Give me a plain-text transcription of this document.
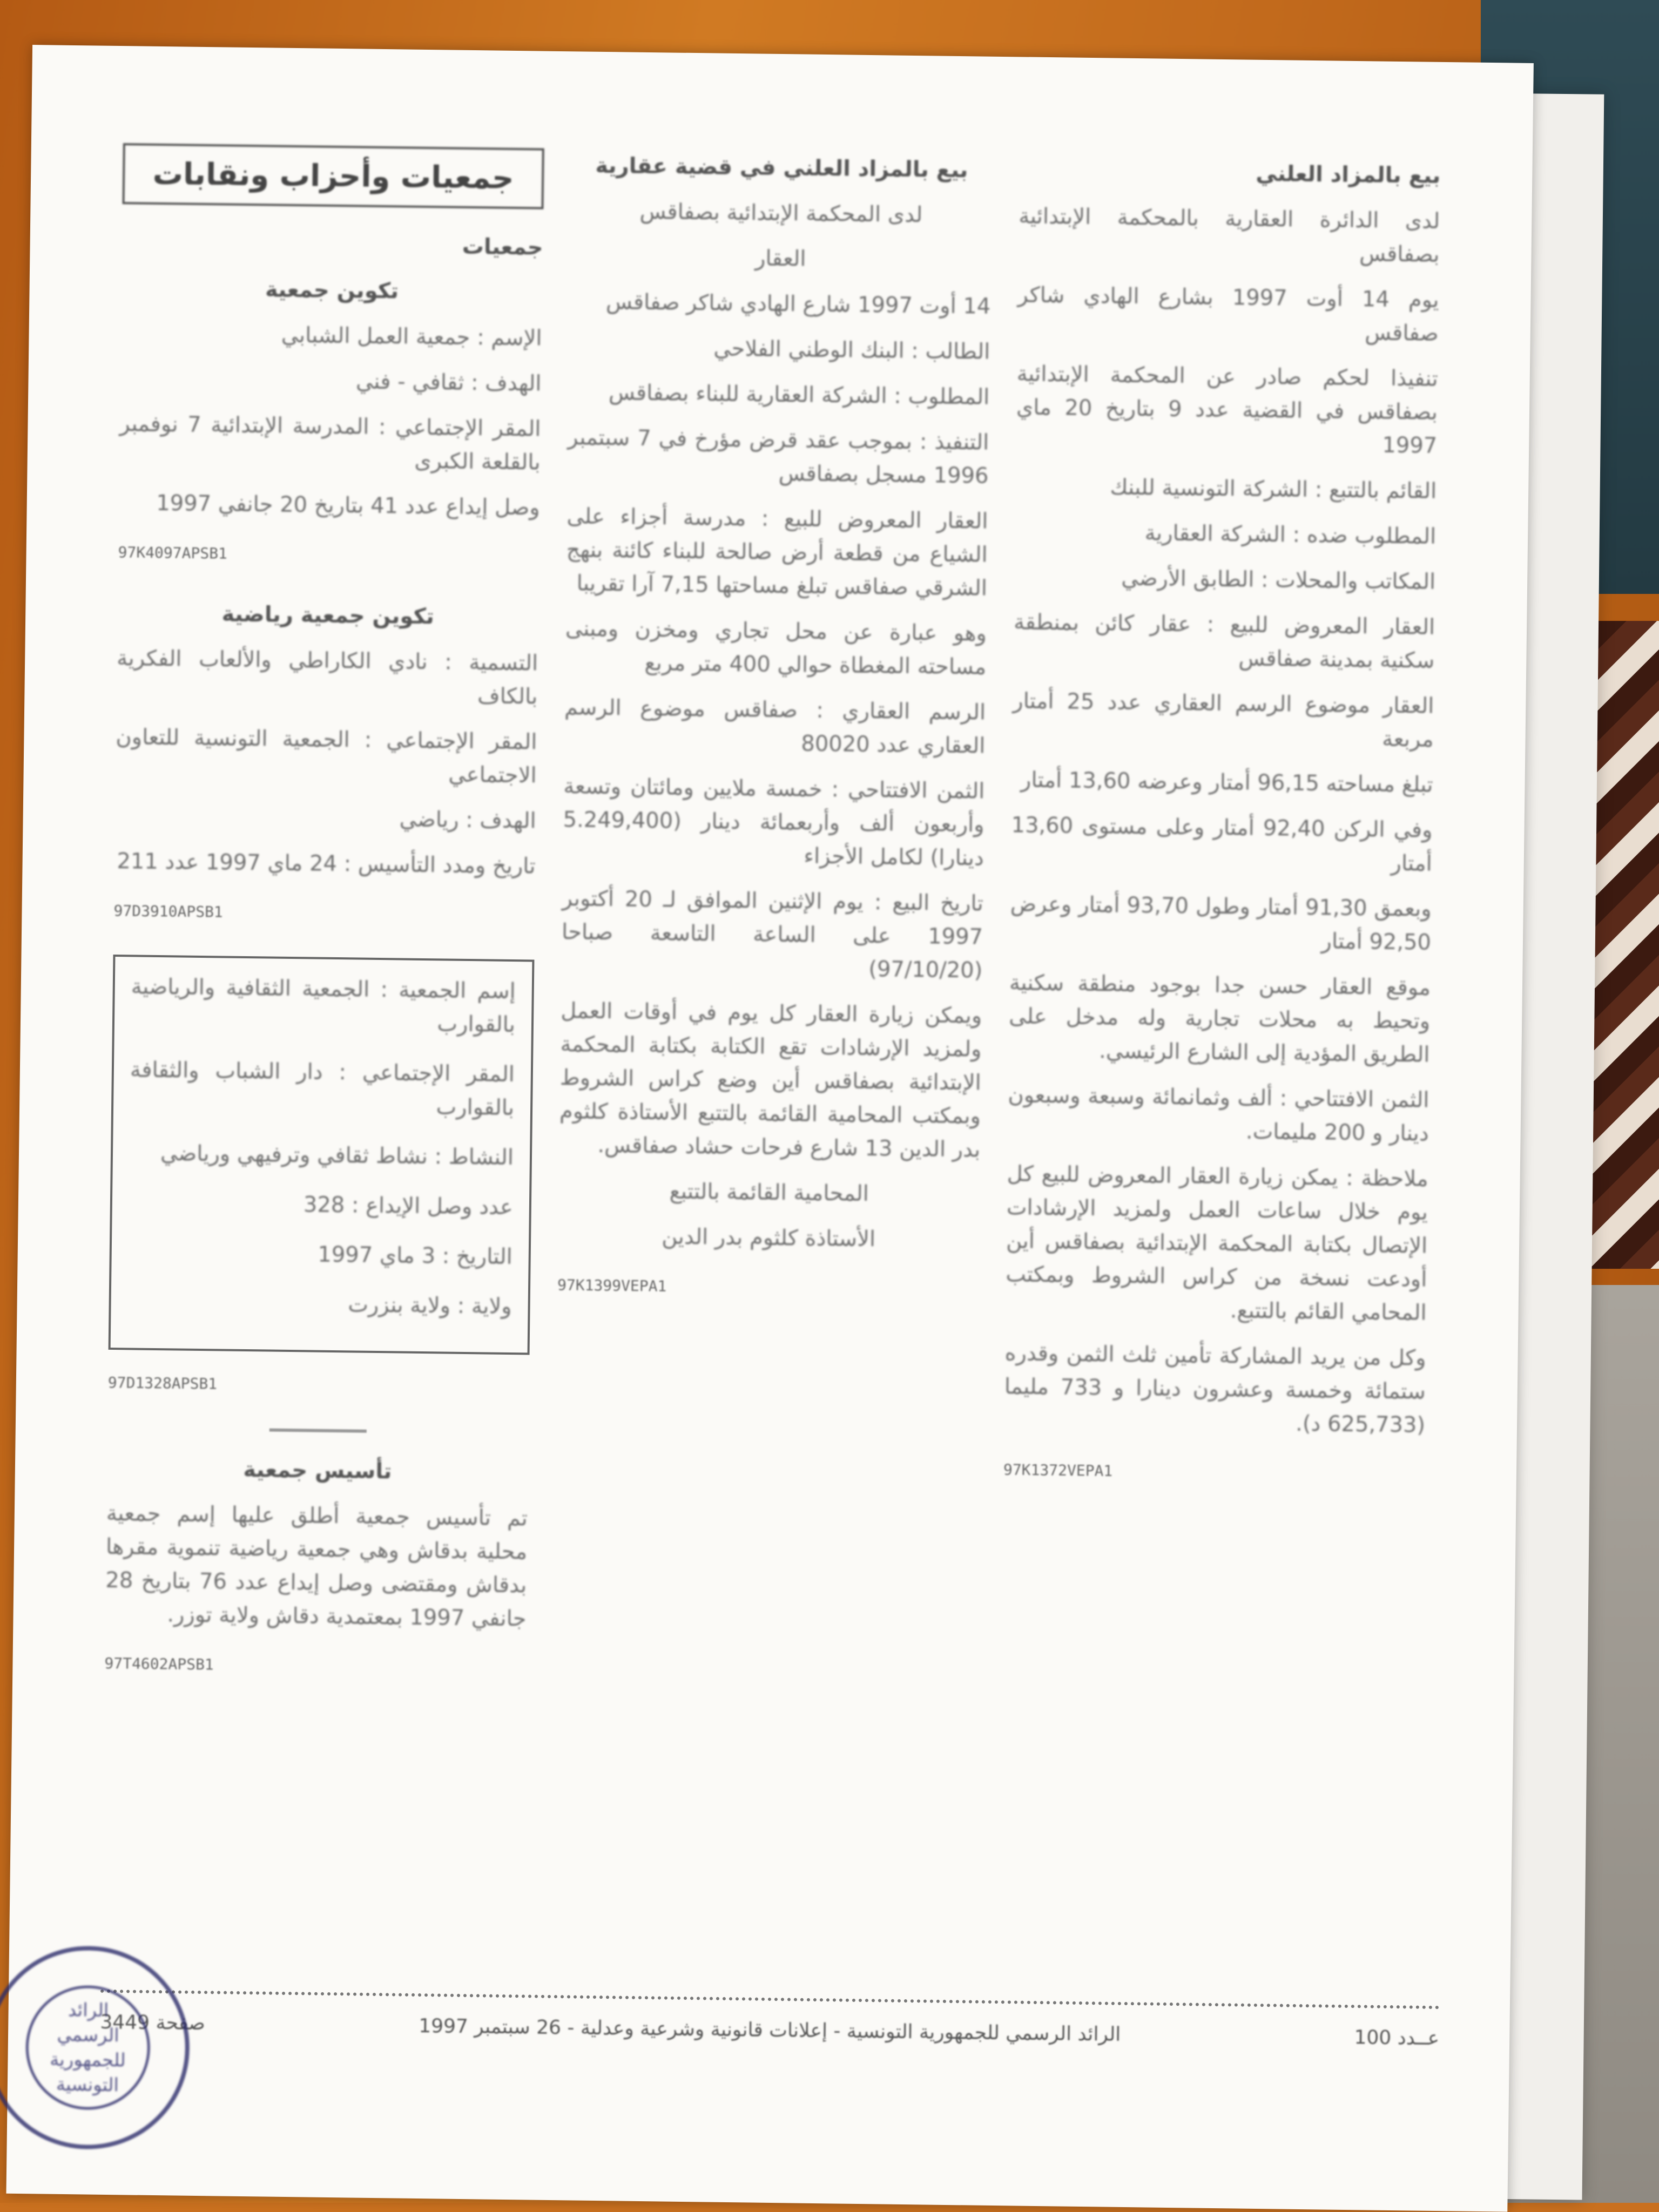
بيع بالمزاد العلني

لدى الدائرة العقارية بالمحكمة الإبتدائية بصفاقس

يوم 14 أوت 1997 بشارع الهادي شاكر صفاقس

تنفيذا لحكم صادر عن المحكمة الإبتدائية بصفاقس في القضية عدد 9 بتاريخ 20 ماي 1997

القائم بالتتبع : الشركة التونسية للبنك

المطلوب ضده : الشركة العقارية

المكاتب والمحلات : الطابق الأرضي

العقار المعروض للبيع : عقار كائن بمنطقة سكنية بمدينة صفاقس

العقار موضوع الرسم العقاري عدد 25 أمتار مربعة

تبلغ مساحته 96,15 أمتار وعرضه 13,60 أمتار

وفي الركن 92,40 أمتار وعلى مستوى 13,60 أمتار

وبعمق 91,30 أمتار وطول 93,70 أمتار وعرض 92,50 أمتار

موقع العقار حسن جدا بوجود منطقة سكنية وتحيط به محلات تجارية وله مدخل على الطريق المؤدية إلى الشارع الرئيسي.

الثمن الافتتاحي : ألف وثمانمائة وسبعة وسبعون دينار و 200 مليمات.

ملاحظة : يمكن زيارة العقار المعروض للبيع كل يوم خلال ساعات العمل ولمزيد الإرشادات الإتصال بكتابة المحكمة الإبتدائية بصفاقس أين أودعت نسخة من كراس الشروط وبمكتب المحامي القائم بالتتبع.

وكل من يريد المشاركة تأمين ثلث الثمن وقدره ستمائة وخمسة وعشرون دينارا و 733 مليما (625,733 د).

97K1372VEPA1

بيع بالمزاد العلني في قضية عقارية

لدى المحكمة الإبتدائية بصفاقس

العقار

14 أوت 1997 شارع الهادي شاكر صفاقس

الطالب : البنك الوطني الفلاحي

المطلوب : الشركة العقارية للبناء بصفاقس

التنفيذ : بموجب عقد قرض مؤرخ في 7 سبتمبر 1996 مسجل بصفاقس

العقار المعروض للبيع : مدرسة أجزاء على الشياع من قطعة أرض صالحة للبناء كائنة بنهج الشرقي صفاقس تبلغ مساحتها 7,15 آرا تقريبا

وهو عبارة عن محل تجاري ومخزن ومبنى مساحته المغطاة حوالي 400 متر مربع

الرسم العقاري : صفاقس موضوع الرسم العقاري عدد 80020

الثمن الافتتاحي : خمسة ملايين ومائتان وتسعة وأربعون ألف وأربعمائة دينار (5.249,400 دينارا) لكامل الأجزاء

تاريخ البيع : يوم الإثنين الموافق لـ 20 أكتوبر 1997 على الساعة التاسعة صباحا (97/10/20)

ويمكن زيارة العقار كل يوم في أوقات العمل ولمزيد الإرشادات تقع الكتابة بكتابة المحكمة الإبتدائية بصفاقس أين وضع كراس الشروط وبمكتب المحامية القائمة بالتتبع الأستاذة كلثوم بدر الدين 13 شارع فرحات حشاد صفاقس.

المحامية القائمة بالتتبع

الأستاذة كلثوم بدر الدين

97K1399VEPA1

جمعيات وأحزاب ونقابات

جمعيات

تكوين جمعية

الإسم : جمعية العمل الشبابي

الهدف : ثقافي - فني

المقر الإجتماعي : المدرسة الإبتدائية 7 نوفمبر بالقلعة الكبرى

وصل إيداع عدد 41 بتاريخ 20 جانفي 1997

97K4097APSB1

تكوين جمعية رياضية

التسمية : نادي الكاراطي والألعاب الفكرية بالكاف

المقر الإجتماعي : الجمعية التونسية للتعاون الاجتماعي

الهدف : رياضي

تاريخ ومدد التأسيس : 24 ماي 1997 عدد 211

97D3910APSB1

إسم الجمعية : الجمعية الثقافية والرياضية بالقوارب

المقر الإجتماعي : دار الشباب والثقافة بالقوارب

النشاط : نشاط ثقافي وترفيهي ورياضي

عدد وصل الإيداع : 328

التاريخ : 3 ماي 1997

ولاية : ولاية بنزرت

97D1328APSB1

تأسيس جمعية

تم تأسيس جمعية أطلق عليها إسم جمعية محلية بدقاش وهي جمعية رياضية تنموية مقرها بدقاش ومقتضى وصل إيداع عدد 76 بتاريخ 28 جانفي 1997 بمعتمدية دقاش ولاية توزر.

97T4602APSB1

عــدد 100
الرائد الرسمي للجمهورية التونسية - إعلانات قانونية وشرعية وعدلية - 26 سبتمبر 1997
صفحة 3449
الرائد الرسمي للجمهورية التونسية
